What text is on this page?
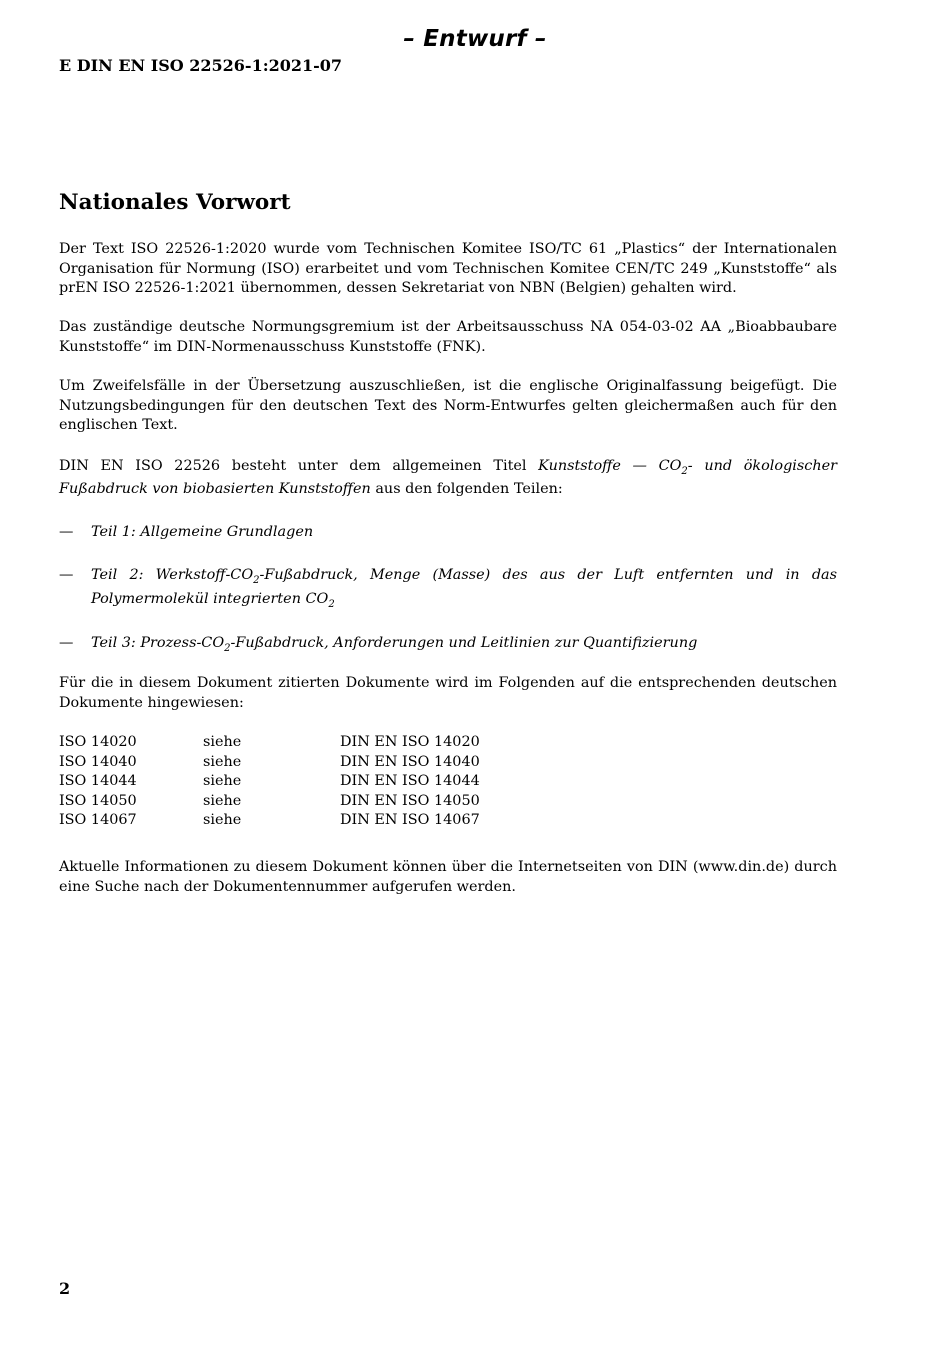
– Entwurf –
E DIN EN ISO 22526-1:2021-07
Nationales Vorwort

Der Text ISO 22526-1:2020 wurde vom Technischen Komitee ISO/TC 61 „Plastics“ der Internationalen Organisation für Normung (ISO) erarbeitet und vom Technischen Komitee CEN/TC 249 „Kunststoffe“ als prEN ISO 22526-1:2021 übernommen, dessen Sekretariat von NBN (Belgien) gehalten wird.

Das zuständige deutsche Normungsgremium ist der Arbeitsausschuss NA 054-03-02 AA „Bioabbaubare Kunststoffe“ im DIN-Normenausschuss Kunststoffe (FNK).

Um Zweifelsfälle in der Übersetzung auszuschließen, ist die englische Originalfassung beigefügt. Die Nutzungsbedingungen für den deutschen Text des Norm-Entwurfes gelten gleichermaßen auch für den englischen Text.

DIN EN ISO 22526 besteht unter dem allgemeinen Titel Kunststoffe — $CO_2-$ und ökologischer Fußabdruck von biobasierten Kunststoffen aus den folgenden Teilen:

— Teil 1: Allgemeine Grundlagen
— Teil 2: Werkstoff-$CO_2$-Fußabdruck, Menge (Masse) des aus der Luft entfernten und in das Polymermolekül integrierten $CO_2$
— Teil 3: Prozess-$CO_2$-Fußabdruck, Anforderungen und Leitlinien zur Quantifizierung

Für die in diesem Dokument zitierten Dokumente wird im Folgenden auf die entsprechenden deutschen Dokumente hingewiesen:

ISO 14020	siehe	DIN EN ISO 14020
ISO 14040	siehe	DIN EN ISO 14040
ISO 14044	siehe	DIN EN ISO 14044
ISO 14050	siehe	DIN EN ISO 14050
ISO 14067	siehe	DIN EN ISO 14067

Aktuelle Informationen zu diesem Dokument können über die Internetseiten von DIN (www.din.de) durch eine Suche nach der Dokumentennummer aufgerufen werden.

2
